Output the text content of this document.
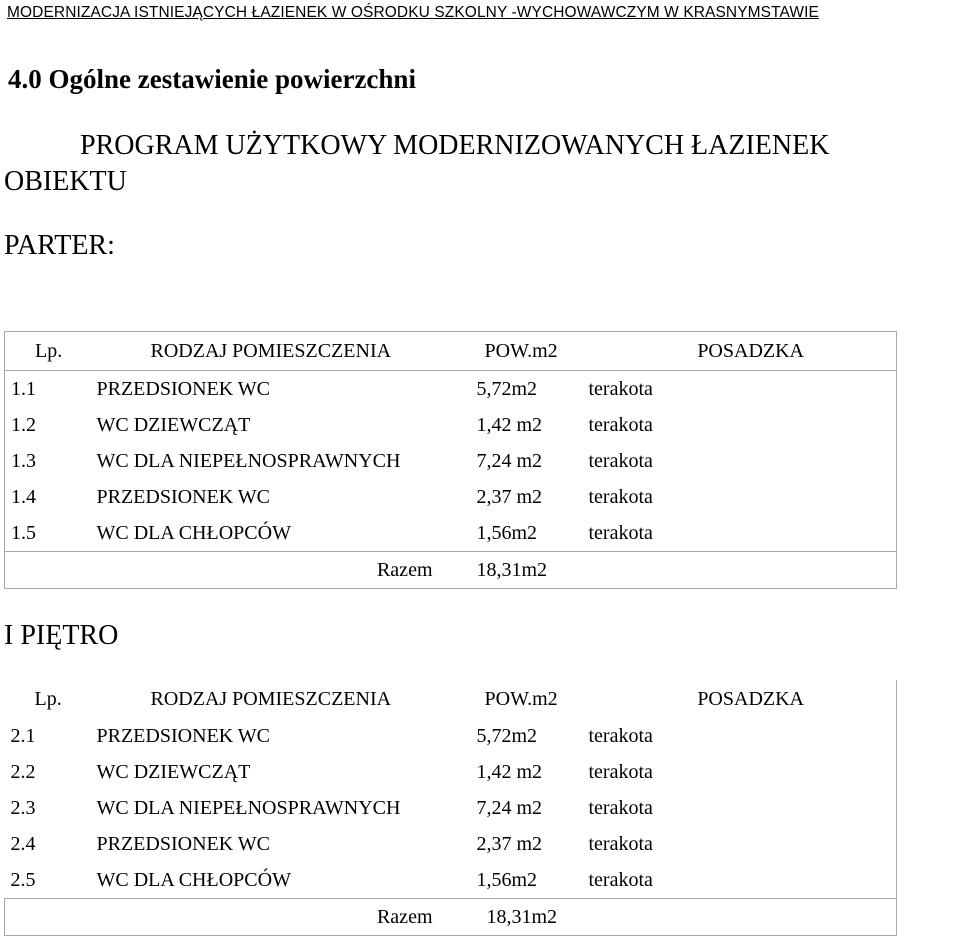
MODERNIZACJA ISTNIEJĄCYCH ŁAZIENEK W OŚRODKU SZKOLNY -WYCHOWAWCZYM W KRASNYMSTAWIE
4.0 Ogólne zestawienie powierzchni
PROGRAM UŻYTKOWY MODERNIZOWANYCH ŁAZIENEK
OBIEKTU
PARTER:
Lp.	RODZAJ POMIESZCZENIA	POW.m2	POSADZKA	
1.1	PRZEDSIONEK WC	5,72m2	terakota	
1.2	WC DZIEWCZĄT	1,42 m2	terakota	
1.3	WC DLA NIEPEŁNOSPRAWNYCH	7,24 m2	terakota	
1.4	PRZEDSIONEK WC	2,37 m2	terakota	
1.5	WC DLA CHŁOPCÓW	1,56m2	terakota	
	Razem	18,31m2		
I PIĘTRO
Lp.	RODZAJ POMIESZCZENIA	POW.m2	POSADZKA	
2.1	PRZEDSIONEK WC	5,72m2	terakota	
2.2	WC DZIEWCZĄT	1,42 m2	terakota	
2.3	WC DLA NIEPEŁNOSPRAWNYCH	7,24 m2	terakota	
2.4	PRZEDSIONEK WC	2,37 m2	terakota	
2.5	WC DLA CHŁOPCÓW	1,56m2	terakota	
	Razem	18,31m2		
